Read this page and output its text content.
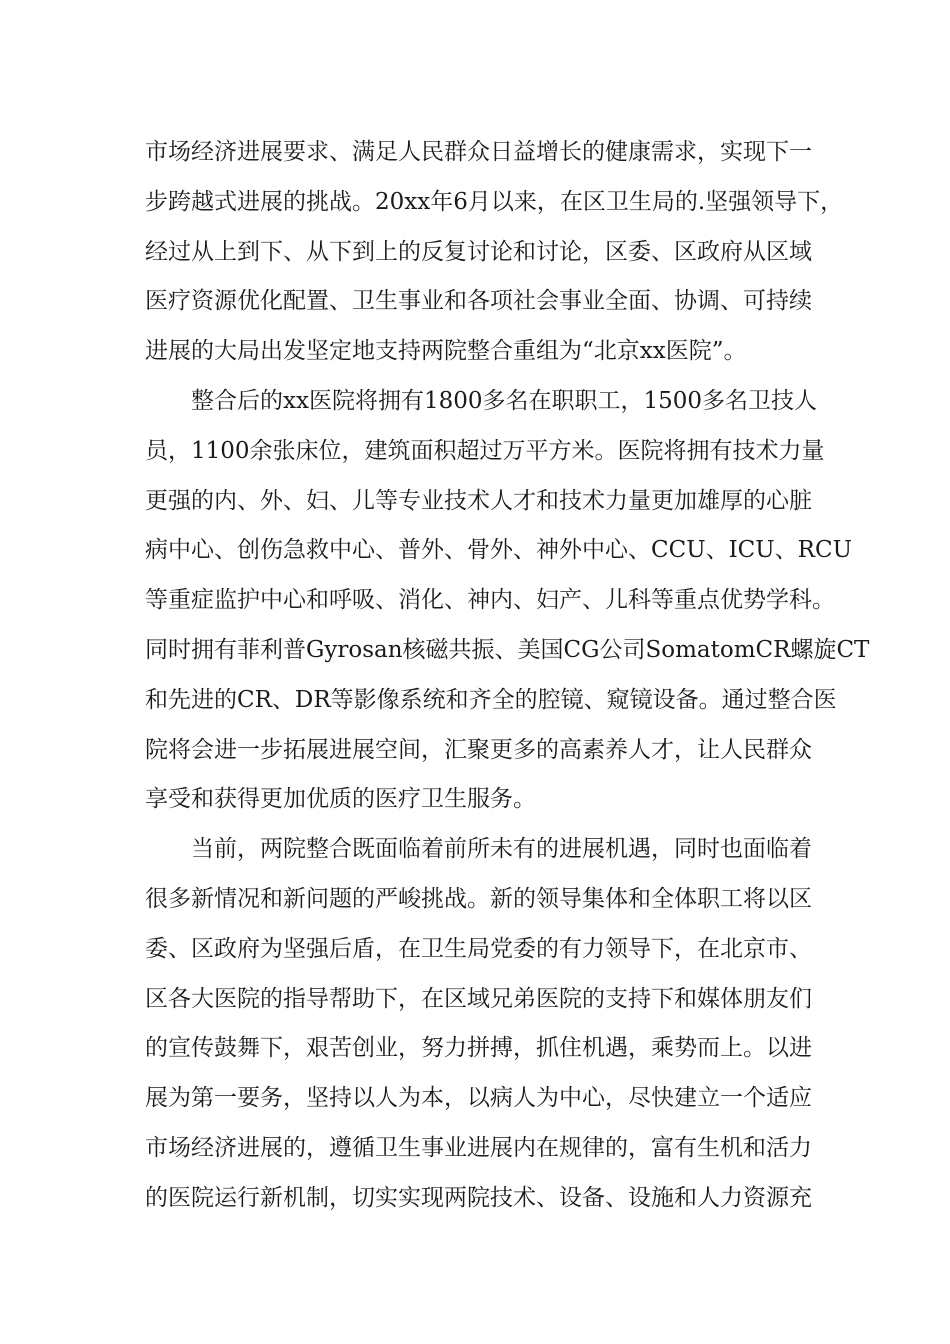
市场经济进展要求、满足人民群众日益增长的健康需求，实现下一
步跨越式进展的挑战。20xx年6月以来，在区卫生局的.坚强领导下，
经过从上到下、从下到上的反复讨论和讨论，区委、区政府从区域
医疗资源优化配置、卫生事业和各项社会事业全面、协调、可持续
进展的大局出发坚定地支持两院整合重组为“北京xx医院”。
整合后的xx医院将拥有1800多名在职职工，1500多名卫技人
员，1100余张床位，建筑面积超过万平方米。医院将拥有技术力量
更强的内、外、妇、儿等专业技术人才和技术力量更加雄厚的心脏
病中心、创伤急救中心、普外、骨外、神外中心、CCU、ICU、RCU
等重症监护中心和呼吸、消化、神内、妇产、儿科等重点优势学科。
同时拥有菲利普Gyrosan核磁共振、美国CG公司SomatomCR螺旋CT
和先进的CR、DR等影像系统和齐全的腔镜、窥镜设备。通过整合医
院将会进一步拓展进展空间，汇聚更多的高素养人才，让人民群众
享受和获得更加优质的医疗卫生服务。
当前，两院整合既面临着前所未有的进展机遇，同时也面临着
很多新情况和新问题的严峻挑战。新的领导集体和全体职工将以区
委、区政府为坚强后盾，在卫生局党委的有力领导下，在北京市、
区各大医院的指导帮助下，在区域兄弟医院的支持下和媒体朋友们
的宣传鼓舞下，艰苦创业，努力拼搏，抓住机遇，乘势而上。以进
展为第一要务，坚持以人为本，以病人为中心，尽快建立一个适应
市场经济进展的，遵循卫生事业进展内在规律的，富有生机和活力
的医院运行新机制，切实实现两院技术、设备、设施和人力资源充
